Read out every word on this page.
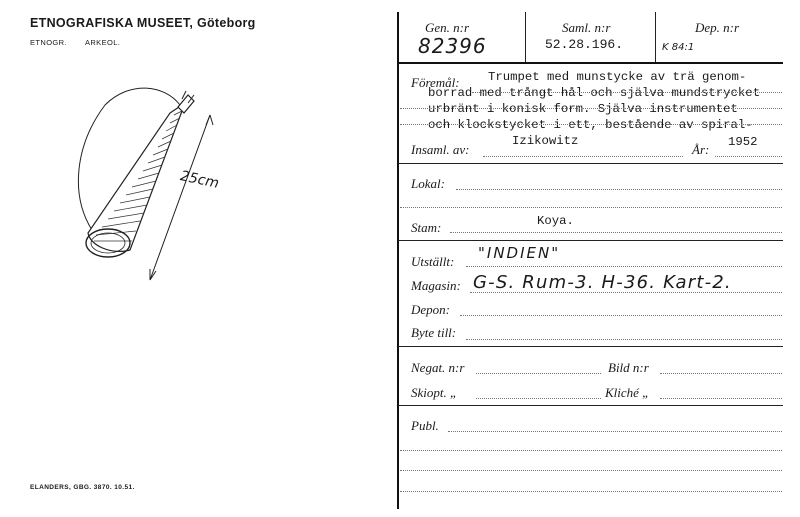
ETNOGRAFISKA MUSEET, Göteborg
ETNOGR. ARKEOL.
25cm
ELANDERS, GBG. 3870. 10.51.
Gen. n:r
82396
Saml. n:r
52.28.196.
Dep. n:r
K 84:1
Föremål: Trumpet med munstycke av trä genom-
borrad med trångt hål och själva mundstrycket
urbränt i konisk form. Själva instrumentet
och klockstycket i ett, bestående av spiral-
Insaml. av:
Izikowitz
År: 1952
Lokal:
Stam:	Koya.
Utställt: "INDIEN"
Magasin: G-S. Rum-3. H-36. Kart-2.
Depon:
Byte till:
Negat. n:r	Bild n:r
Skiopt. „	Kliché „
Publ.
